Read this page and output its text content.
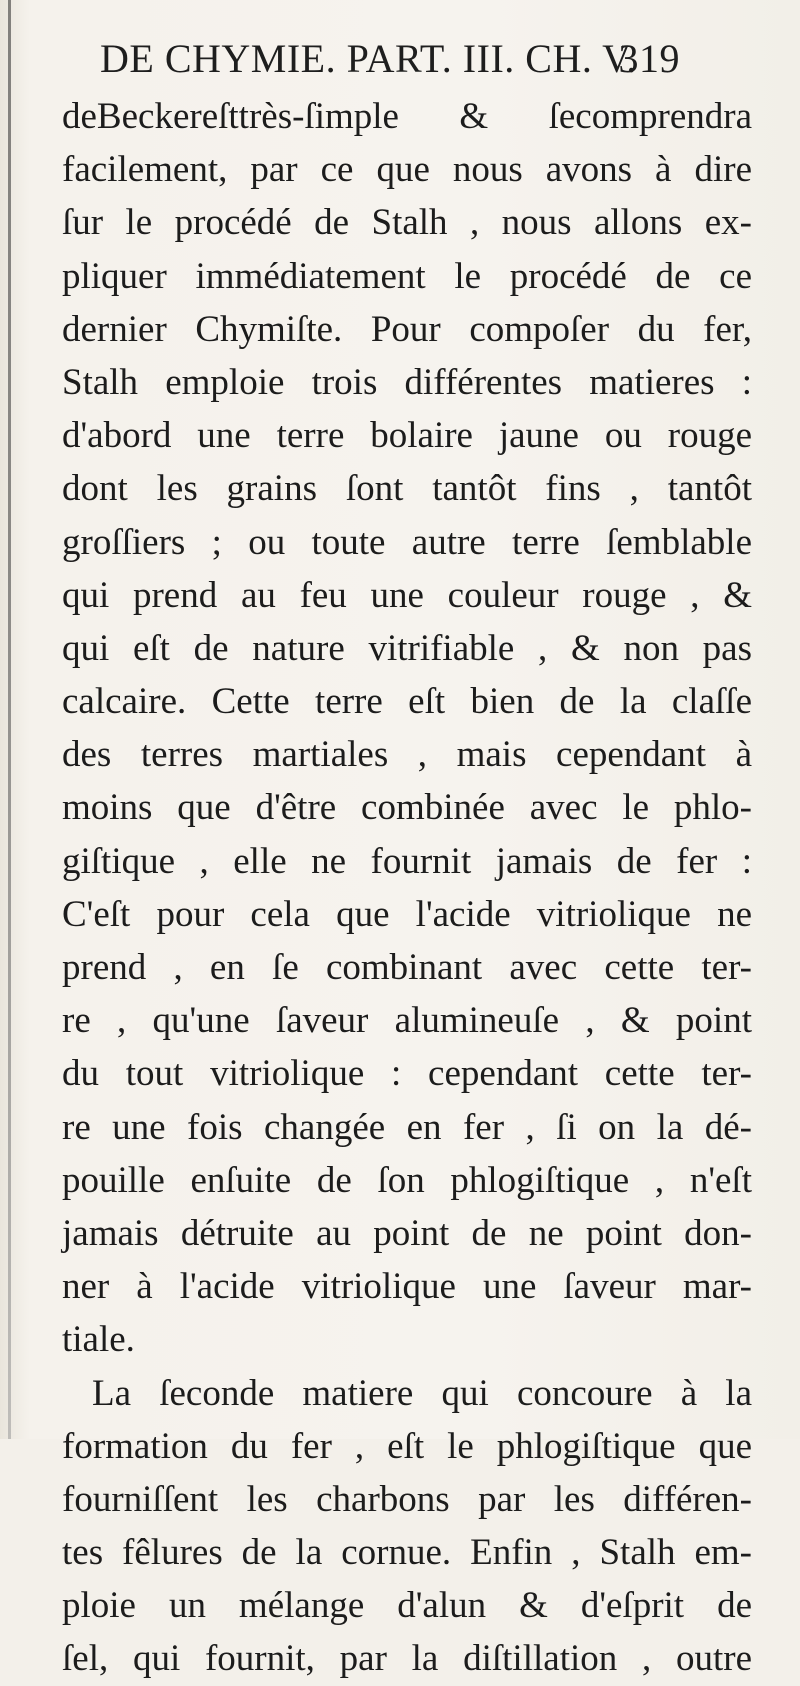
DE CHYMIE. PART. III. CH. V.
319
deBeckereſttrès-ſimple & ſecomprendra
facilement, par ce que nous avons à dire
ſur le procédé de Stalh , nous allons ex-
pliquer immédiatement le procédé de ce
dernier Chymiſte. Pour compoſer du fer,
Stalh emploie trois différentes matieres :
d'abord une terre bolaire jaune ou rouge
dont les grains ſont tantôt fins , tantôt
groſſiers ; ou toute autre terre ſemblable
qui prend au feu une couleur rouge , &
qui eſt de nature vitrifiable , & non pas
calcaire. Cette terre eſt bien de la claſſe
des terres martiales , mais cependant à
moins que d'être combinée avec le phlo-
giſtique , elle ne fournit jamais de fer :
C'eſt pour cela que l'acide vitriolique ne
prend , en ſe combinant avec cette ter-
re , qu'une ſaveur alumineuſe , & point
du tout vitriolique : cependant cette ter-
re une fois changée en fer , ſi on la dé-
pouille enſuite de ſon phlogiſtique , n'eſt
jamais détruite au point de ne point don-
ner à l'acide vitriolique une ſaveur mar-
tiale.
La ſeconde matiere qui concoure à la
formation du fer , eſt le phlogiſtique que
fourniſſent les charbons par les différen-
tes fêlures de la cornue. Enfin , Stalh em-
ploie un mélange d'alun & d'eſprit de
ſel, qui fournit, par la diſtillation , outre
